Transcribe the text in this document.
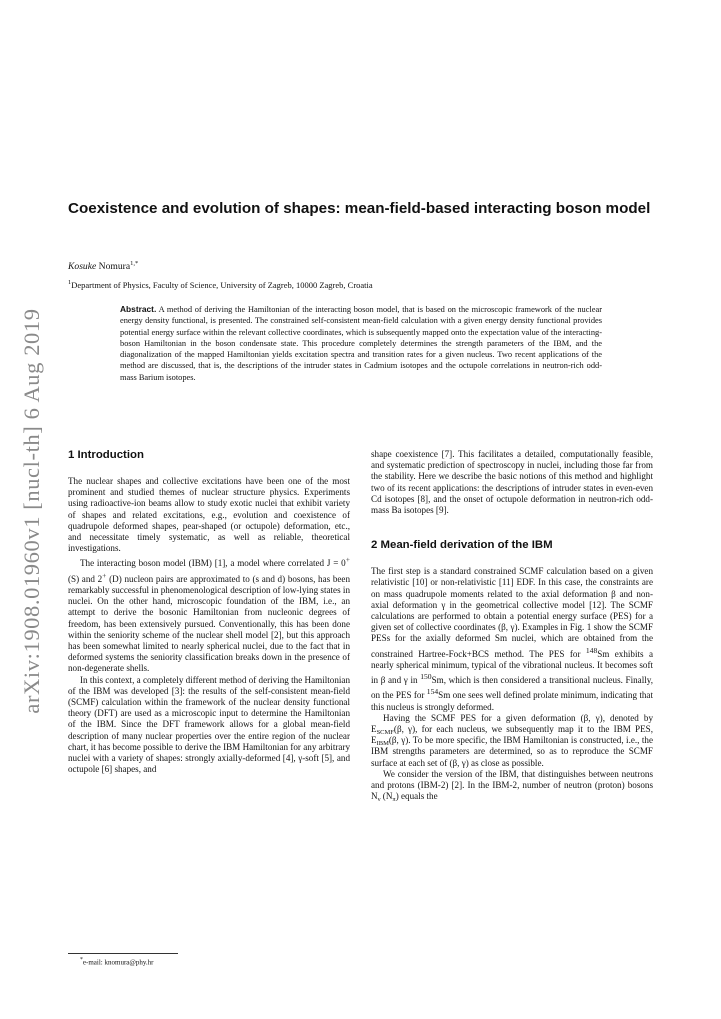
arXiv:1908.01960v1 [nucl-th] 6 Aug 2019
Coexistence and evolution of shapes: mean-field-based interacting boson model
Kosuke Nomura$^{1,*}$
$^1$Department of Physics, Faculty of Science, University of Zagreb, 10000 Zagreb, Croatia

Abstract. A method of deriving the Hamiltonian of the interacting boson model, that is based on the microscopic framework of the nuclear energy density functional, is presented. The constrained self-consistent mean-field calculation with a given energy density functional provides potential energy surface within the relevant collective coordinates, which is subsequently mapped onto the expectation value of the interacting-boson Hamiltonian in the boson condensate state. This procedure completely determines the strength parameters of the IBM, and the diagonalization of the mapped Hamiltonian yields excitation spectra and transition rates for a given nucleus. Two recent applications of the method are discussed, that is, the descriptions of the intruder states in Cadmium isotopes and the octupole correlations in neutron-rich odd-mass Barium isotopes.

1 Introduction

The nuclear shapes and collective excitations have been one of the most prominent and studied themes of nuclear structure physics. Experiments using radioactive-ion beams allow to study exotic nuclei that exhibit variety of shapes and related excitations, e.g., evolution and coexistence of quadrupole deformed shapes, pear-shaped (or octupole) deformation, etc., and necessitate timely systematic, as well as reliable, theoretical investigations.

The interacting boson model (IBM) [1], a model where correlated J = 0+ (S) and 2+ (D) nucleon pairs are approximated to (s and d) bosons, has been remarkably successful in phenomenological description of low-lying states in nuclei. On the other hand, microscopic foundation of the IBM, i.e., an attempt to derive the bosonic Hamiltonian from nucleonic degrees of freedom, has been extensively pursued. Conventionally, this has been done within the seniority scheme of the nuclear shell model [2], but this approach has been somewhat limited to nearly spherical nuclei, due to the fact that in deformed systems the seniority classification breaks down in the presence of non-degenerate shells.

In this context, a completely different method of deriving the Hamiltonian of the IBM was developed [3]: the results of the self-consistent mean-field (SCMF) calculation within the framework of the nuclear density functional theory (DFT) are used as a microscopic input to determine the Hamiltonian of the IBM. Since the DFT framework allows for a global mean-field description of many nuclear properties over the entire region of the nuclear chart, it has become possible to derive the IBM Hamiltonian for any arbitrary nuclei with a variety of shapes: strongly axially-deformed [4], γ-soft [5], and octupole [6] shapes, and

shape coexistence [7]. This facilitates a detailed, computationally feasible, and systematic prediction of spectroscopy in nuclei, including those far from the stability. Here we describe the basic notions of this method and highlight two of its recent applications: the descriptions of intruder states in even-even Cd isotopes [8], and the onset of octupole deformation in neutron-rich odd-mass Ba isotopes [9].

2 Mean-field derivation of the IBM

The first step is a standard constrained SCMF calculation based on a given relativistic [10] or non-relativistic [11] EDF. In this case, the constraints are on mass quadrupole moments related to the axial deformation β and non-axial deformation γ in the geometrical collective model [12]. The SCMF calculations are performed to obtain a potential energy surface (PES) for a given set of collective coordinates (β, γ). Examples in Fig. 1 show the SCMF PESs for the axially deformed Sm nuclei, which are obtained from the constrained Hartree-Fock+BCS method. The PES for $^{148}$Sm exhibits a nearly spherical minimum, typical of the vibrational nucleus. It becomes soft in β and γ in $^{150}$Sm, which is then considered a transitional nucleus. Finally, on the PES for $^{154}$Sm one sees well defined prolate minimum, indicating that this nucleus is strongly deformed.

Having the SCMF PES for a given deformation (β, γ), denoted by $E_{SCMF}(\beta$, γ), for each nucleus, we subsequently map it to the IBM PES, $E_{IBM}(\beta$, γ). To be more specific, the IBM Hamiltonian is constructed, i.e., the IBM strengths parameters are determined, so as to reproduce the SCMF surface at each set of (β, γ) as close as possible.

We consider the version of the IBM, that distinguishes between neutrons and protons (IBM-2) [2]. In the IBM-2, number of neutron (proton) bosons $N_\nu$ $(N_\pi)$ equals the

*e-mail: knomura@phy.hr
